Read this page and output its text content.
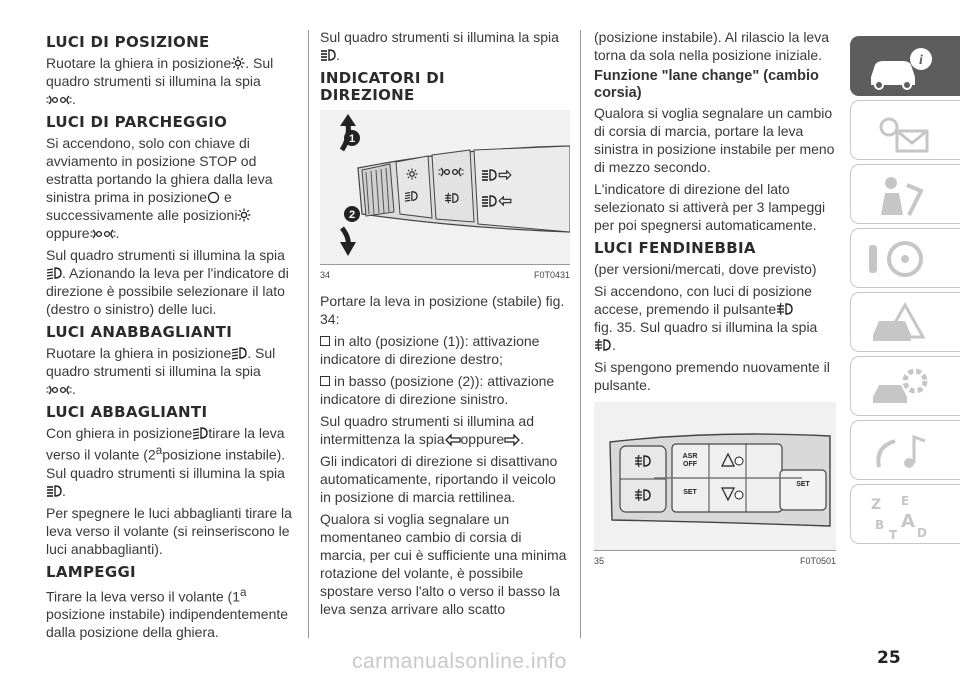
LUCI DI POSIZIONE

Ruotare la ghiera in posizione . Sul quadro strumenti si illumina la spia
.

LUCI DI PARCHEGGIO

Si accendono, solo con chiave di avviamento in posizione STOP od estratta portando la ghiera dalla leva sinistra prima in posizione e successivamente alle posizioni
oppure .

Sul quadro strumenti si illumina la spia
. Azionando la leva per l'indicatore di direzione è possibile selezionare il lato (destro o sinistro) delle luci.

LUCI ANABBAGLIANTI

Ruotare la ghiera in posizione . Sul quadro strumenti si illumina la spia
.

LUCI ABBAGLIANTI

Con ghiera in posizione tirare la leva verso il volante (2$^a$posizione instabile). Sul quadro strumenti si illumina la spia
.

Per spegnere le luci abbaglianti tirare la leva verso il volante (si reinseriscono le luci anabbaglianti).

LAMPEGGI

Tirare la leva verso il volante (1$^a$ posizione instabile) indipendentemente dalla posizione della ghiera.

Sul quadro strumenti si illumina la spia
.

INDICATORI DI DIREZIONE
1
2
34	F0T0431

Portare la leva in posizione (stabile) fig. 34:

in alto (posizione (1)): attivazione indicatore di direzione destro;

in basso (posizione (2)): attivazione indicatore di direzione sinistro.

Sul quadro strumenti si illumina ad intermittenza la spia oppure .

Gli indicatori di direzione si disattivano automaticamente, riportando il veicolo in posizione di marcia rettilinea.

Qualora si voglia segnalare un momentaneo cambio di corsia di marcia, per cui è sufficiente una minima rotazione del volante, è possibile spostare verso l'alto o verso il basso la leva senza arrivare allo scatto

(posizione instabile). Al rilascio la leva torna da sola nella posizione iniziale.

Funzione "lane change" (cambio corsia)

Qualora si voglia segnalare un cambio di corsia di marcia, portare la leva sinistra in posizione instabile per meno di mezzo secondo.

L'indicatore di direzione del lato selezionato si attiverà per 3 lampeggi per poi spegnersi automaticamente.

LUCI FENDINEBBIA

(per versioni/mercati, dove previsto)

Si accendono, con luci di posizione accese, premendo il pulsante
fig. 35. Sul quadro si illumina la spia
.

Si spengono premendo nuovamente il pulsante.

ASR
OFF
SET
SET
35	F0T0501
i
Z E
B A
T D
25
carmanualsonline.info
